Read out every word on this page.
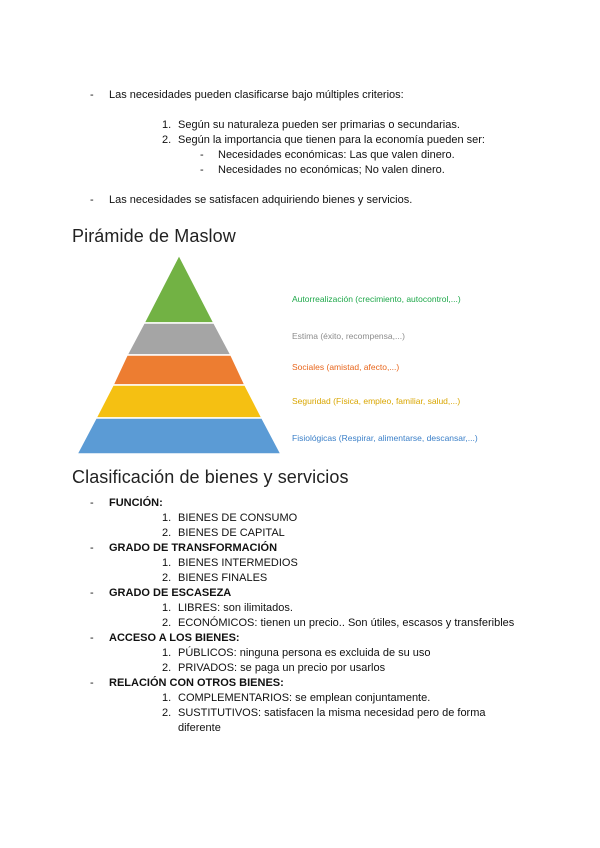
- Las necesidades pueden clasificarse bajo múltiples criterios:
1. Según su naturaleza pueden ser primarias o secundarias.
2. Según la importancia que tienen para la economía pueden ser:
- Necesidades económicas: Las que valen dinero.
- Necesidades no económicas; No valen dinero.
- Las necesidades se satisfacen adquiriendo bienes y servicios.
Pirámide de Maslow
Autorrealización (crecimiento, autocontrol,...)
Estima (éxito, recompensa,...)
Sociales (amistad, afecto,...)
Seguridad (Física, empleo, familiar, salud,...)
Fisiológicas (Respirar, alimentarse, descansar,...)
Clasificación de bienes y servicios
- FUNCIÓN:
1. BIENES DE CONSUMO
2. BIENES DE CAPITAL
- GRADO DE TRANSFORMACIÓN
1. BIENES INTERMEDIOS
2. BIENES FINALES
- GRADO DE ESCASEZA
1. LIBRES: son ilimitados.
2. ECONÓMICOS: tienen un precio.. Son útiles, escasos y transferibles
- ACCESO A LOS BIENES:
1. PÚBLICOS: ninguna persona es excluida de su uso
2. PRIVADOS: se paga un precio por usarlos
- RELACIÓN CON OTROS BIENES:
1. COMPLEMENTARIOS: se emplean conjuntamente.
2. SUSTITUTIVOS: satisfacen la misma necesidad pero de forma diferente
